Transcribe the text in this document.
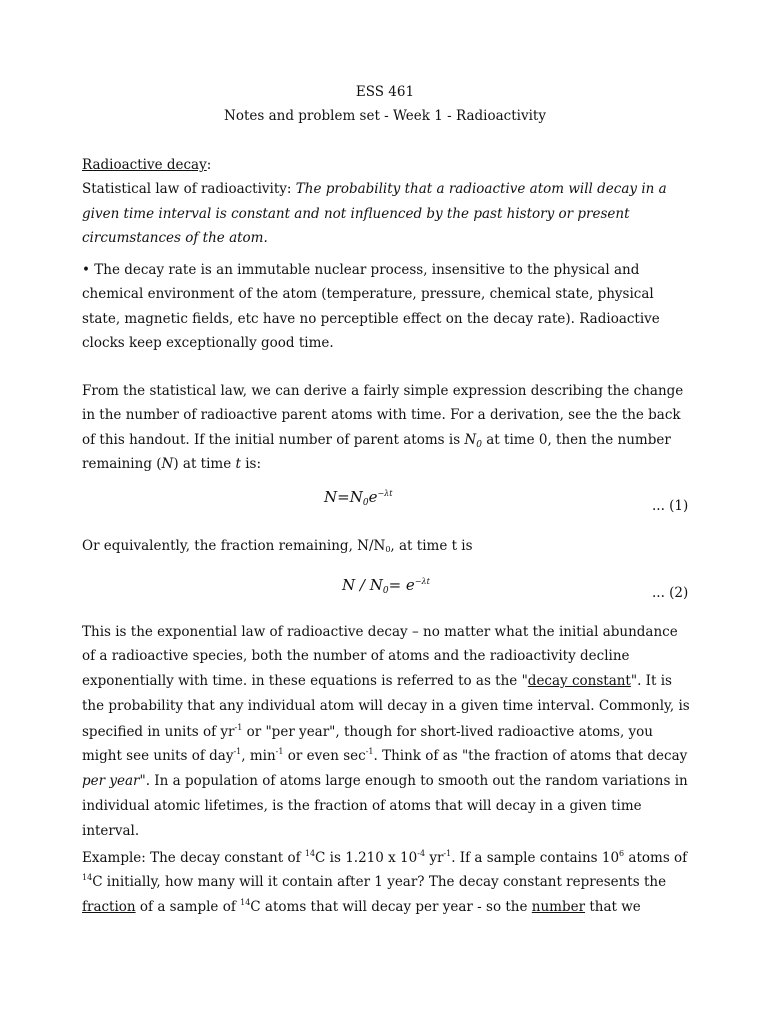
ESS 461
Notes and problem set - Week 1 - Radioactivity
Radioactive decay:
Statistical law of radioactivity: The probability that a radioactive atom will decay in a given time interval is constant and not influenced by the past history or present circumstances of the atom.
• The decay rate is an immutable nuclear process, insensitive to the physical and chemical environment of the atom (temperature, pressure, chemical state, physical state, magnetic fields, etc have no perceptible effect on the decay rate). Radioactive clocks keep exceptionally good time.
From the statistical law, we can derive a fairly simple expression describing the change in the number of radioactive parent atoms with time. For a derivation, see the the back of this handout. If the initial number of parent atoms is $N_0$ at time 0, then the number remaining (N) at time t is:
$N=N_0e^{-\lambda t}$
... (1)
Or equivalently, the fraction remaining, $N/N_0$, at time t is
$N / N_0= e^{-\lambda t}$
... (2)
This is the exponential law of radioactive decay – no matter what the initial abundance of a radioactive species, both the number of atoms and the radioactivity decline exponentially with time. in these equations is referred to as the "decay constant". It is the probability that any individual atom will decay in a given time interval. Commonly, is specified in units of $yr^{-1}$ or "per year", though for short-lived radioactive atoms, you might see units of day$^{-1}$, $\min^{-1}$ or even $\sec^{-1}$. Think of as "the fraction of atoms that decay per year". In a population of atoms large enough to smooth out the random variations in individual atomic lifetimes, is the fraction of atoms that will decay in a given time interval.
Example: The decay constant of $^{14}$C is 1.210 x $10^{-4}$ $yr^{-1}$. If a sample contains $10^6$ atoms of $^{14}$C initially, how many will it contain after 1 year? The decay constant represents the fraction of a sample of $^{14}$C atoms that will decay per year - so the number that we
